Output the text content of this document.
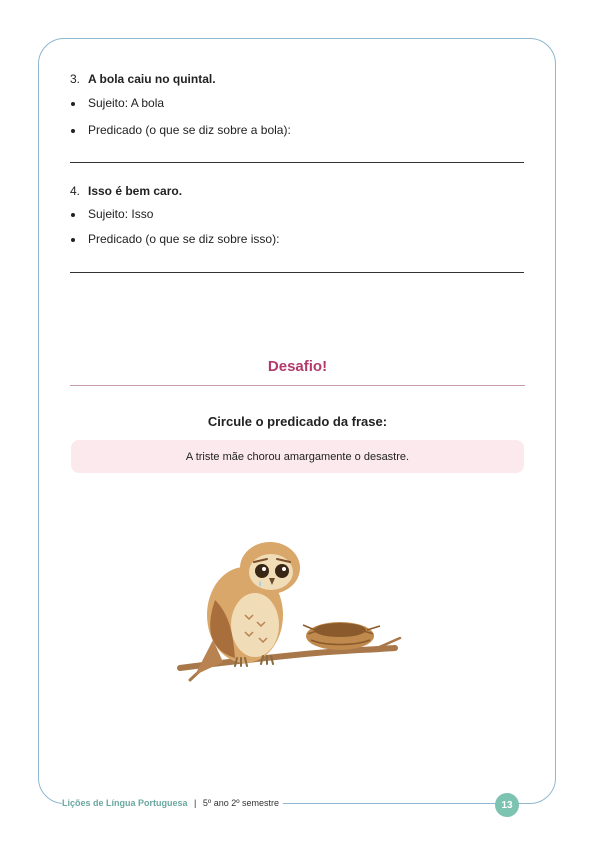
3. A bola caiu no quintal.
Sujeito: A bola
Predicado (o que se diz sobre a bola):
4. Isso é bem caro.
Sujeito: Isso
Predicado (o que se diz sobre isso):
Desafio!
Circule o predicado da frase:
A triste mãe chorou amargamente o desastre.
Lições de Língua Portuguesa | 5º ano 2º semestre	13
